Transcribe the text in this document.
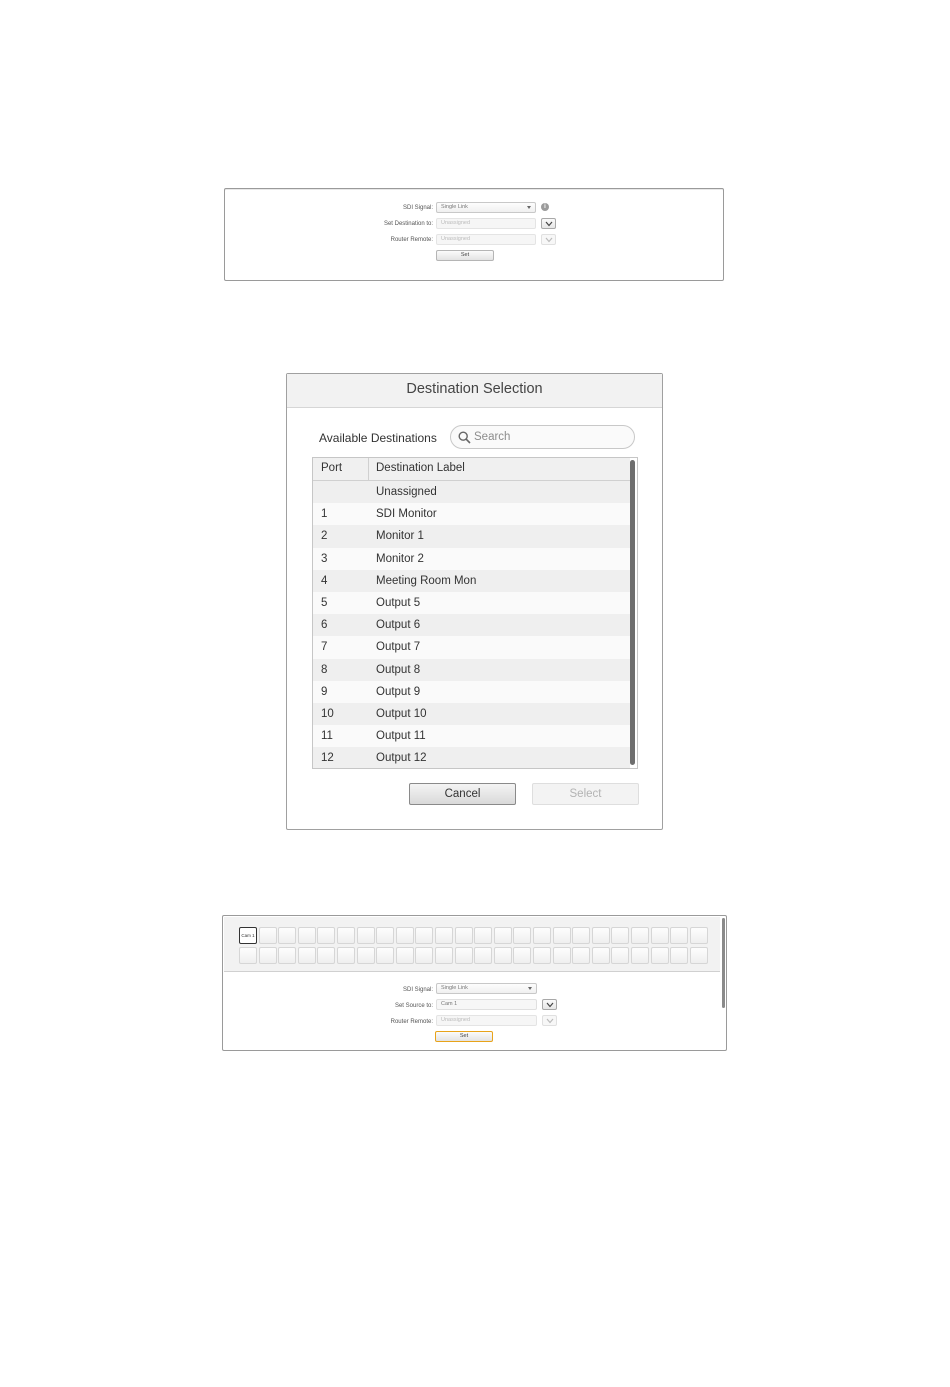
SDI Signal:	Single Link	i
Set Destination to:	Unassigned
Router Remote:	Unassigned
Set
Destination Selection
Available Destinations	Search
Port	Destination Label
Unassigned
1	SDI Monitor
2	Monitor 1
3	Monitor 2
4	Meeting Room Mon
5	Output 5
6	Output 6
7	Output 7
8	Output 8
9	Output 9
10	Output 10
11	Output 11
12	Output 12
Cancel	Select
Cam 1
SDI Signal:	Single Link
Set Source to:	Cam 1
Router Remote:	Unassigned
Set
